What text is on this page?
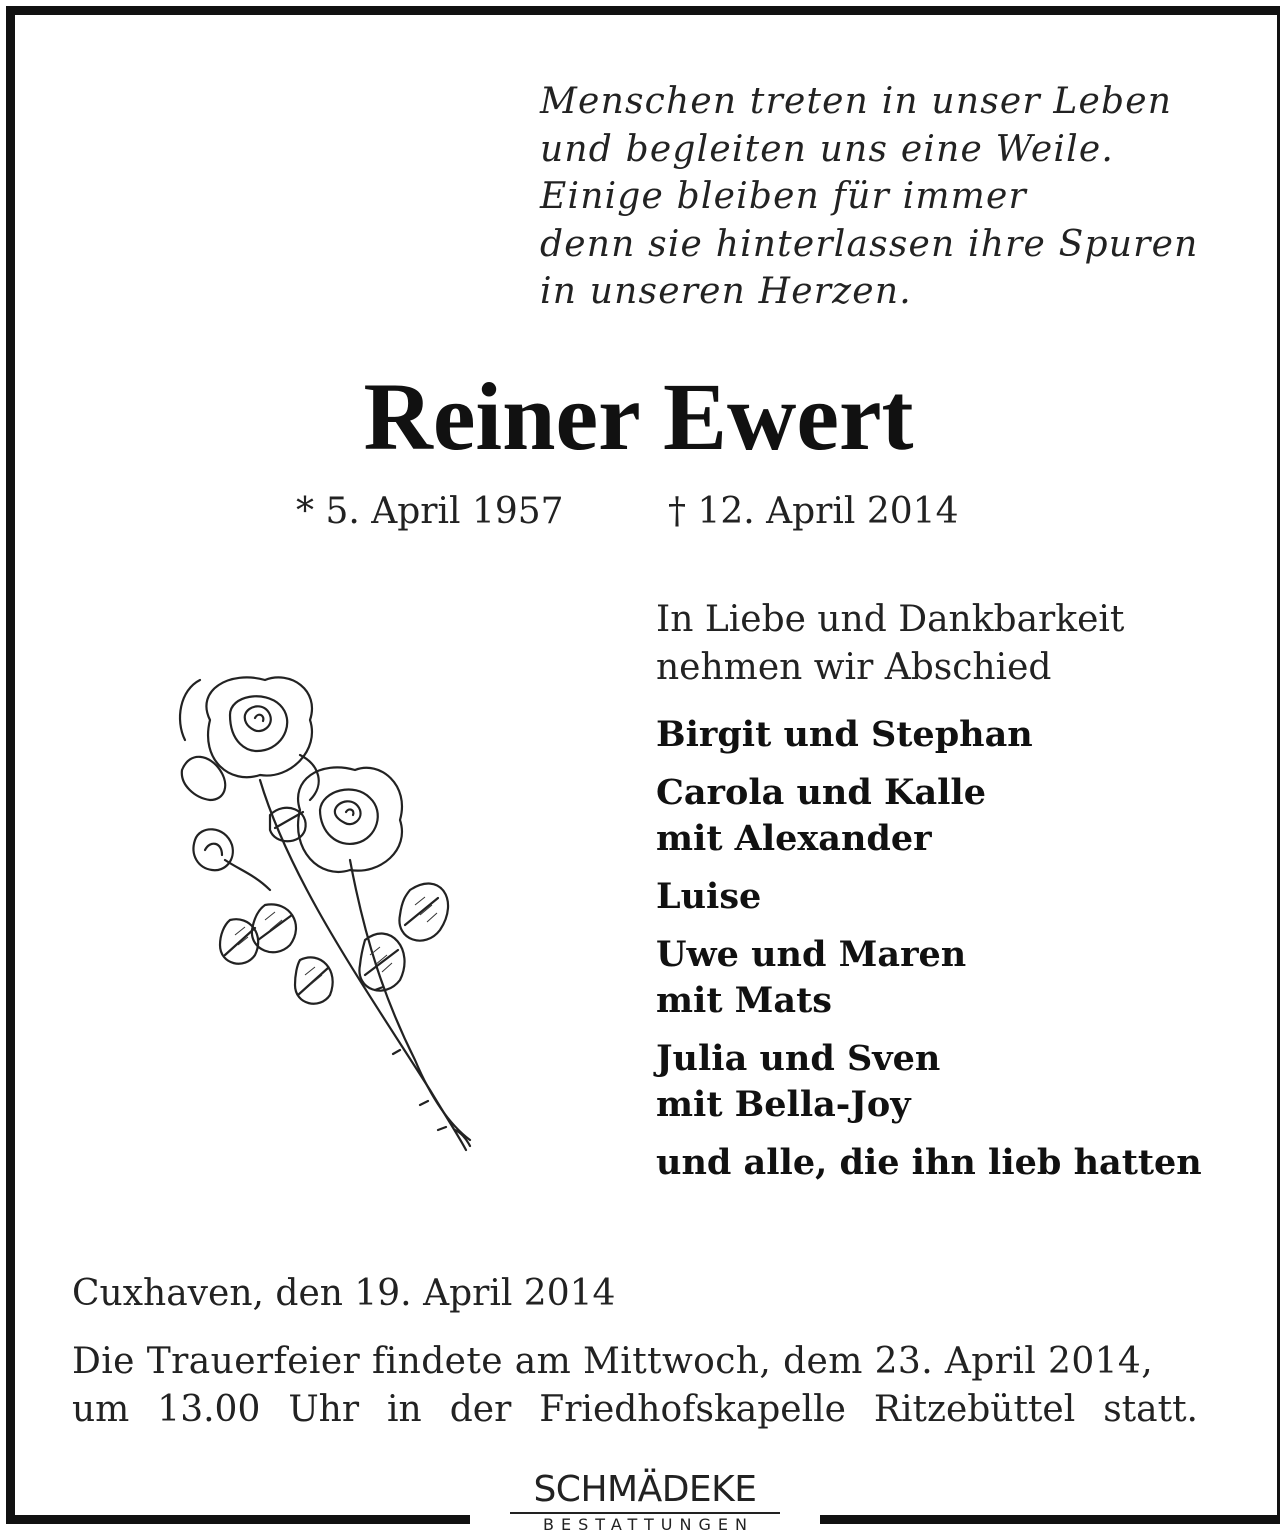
Menschen treten in unser Leben
und begleiten uns eine Weile.
Einige bleiben für immer
denn sie hinterlassen ihre Spuren
in unseren Herzen.
Reiner Ewert
* 5. April 1957	† 12. April 2014
In Liebe und Dankbarkeit
nehmen wir Abschied
Birgit und Stephan
Carola und Kalle
mit Alexander
Luise
Uwe und Maren
mit Mats
Julia und Sven
mit Bella-Joy
und alle, die ihn lieb hatten
Cuxhaven, den 19. April 2014
Die Trauerfeier findete am Mittwoch, dem 23. April 2014,
um 13.00 Uhr in der Friedhofskapelle Ritzebüttel statt.
SCHMÄDEKE
BESTATTUNGEN
